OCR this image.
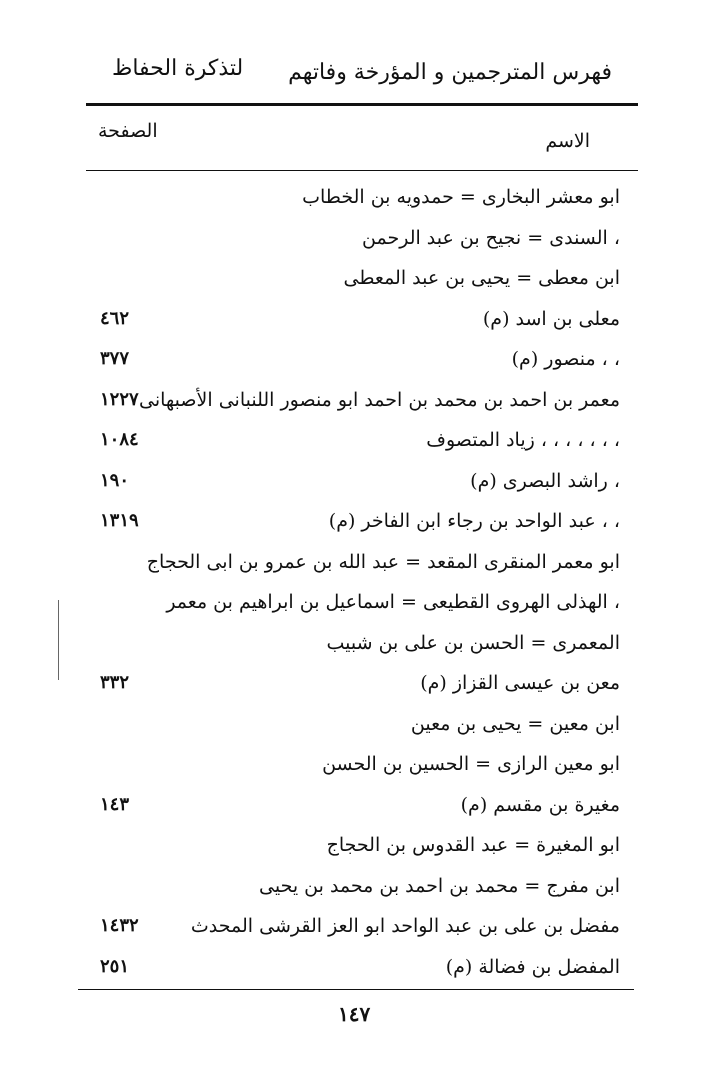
لتذكرة الحفاظ فهرس المترجمين و المؤرخة وفاتهم
الصفحة	الاسم
ابو معشر البخارى = حمدويه بن الخطاب
، السندى = نجيح بن عبد الرحمن
ابن معطى = يحيى بن عبد المعطى
معلى بن اسد (م)
٤٦٢
، ، منصور (م)
٣٧٧
معمر بن احمد بن محمد بن احمد ابو منصور اللنبانى الأصبهانى
١٢٢٧
، ، ، ، ، ، ، زياد المتصوف
١٠٨٤
، راشد البصرى (م)
١٩٠
، ، عبد الواحد بن رجاء ابن الفاخر (م)
١٣١٩
ابو معمر المنقرى المقعد = عبد الله بن عمرو بن ابى الحجاج
، الهذلى الهروى القطيعى = اسماعيل بن ابراهيم بن معمر
المعمرى = الحسن بن على بن شبيب
معن بن عيسى القزاز (م)
٣٣٢
ابن معين = يحيى بن معين
ابو معين الرازى = الحسين بن الحسن
مغيرة بن مقسم (م)
١٤٣
ابو المغيرة = عبد القدوس بن الحجاج
ابن مفرج = محمد بن احمد بن محمد بن يحيى
مفضل بن على بن عبد الواحد ابو العز القرشى المحدث
١٤٣٢
المفضل بن فضالة (م)
٢٥١
١٤٧
